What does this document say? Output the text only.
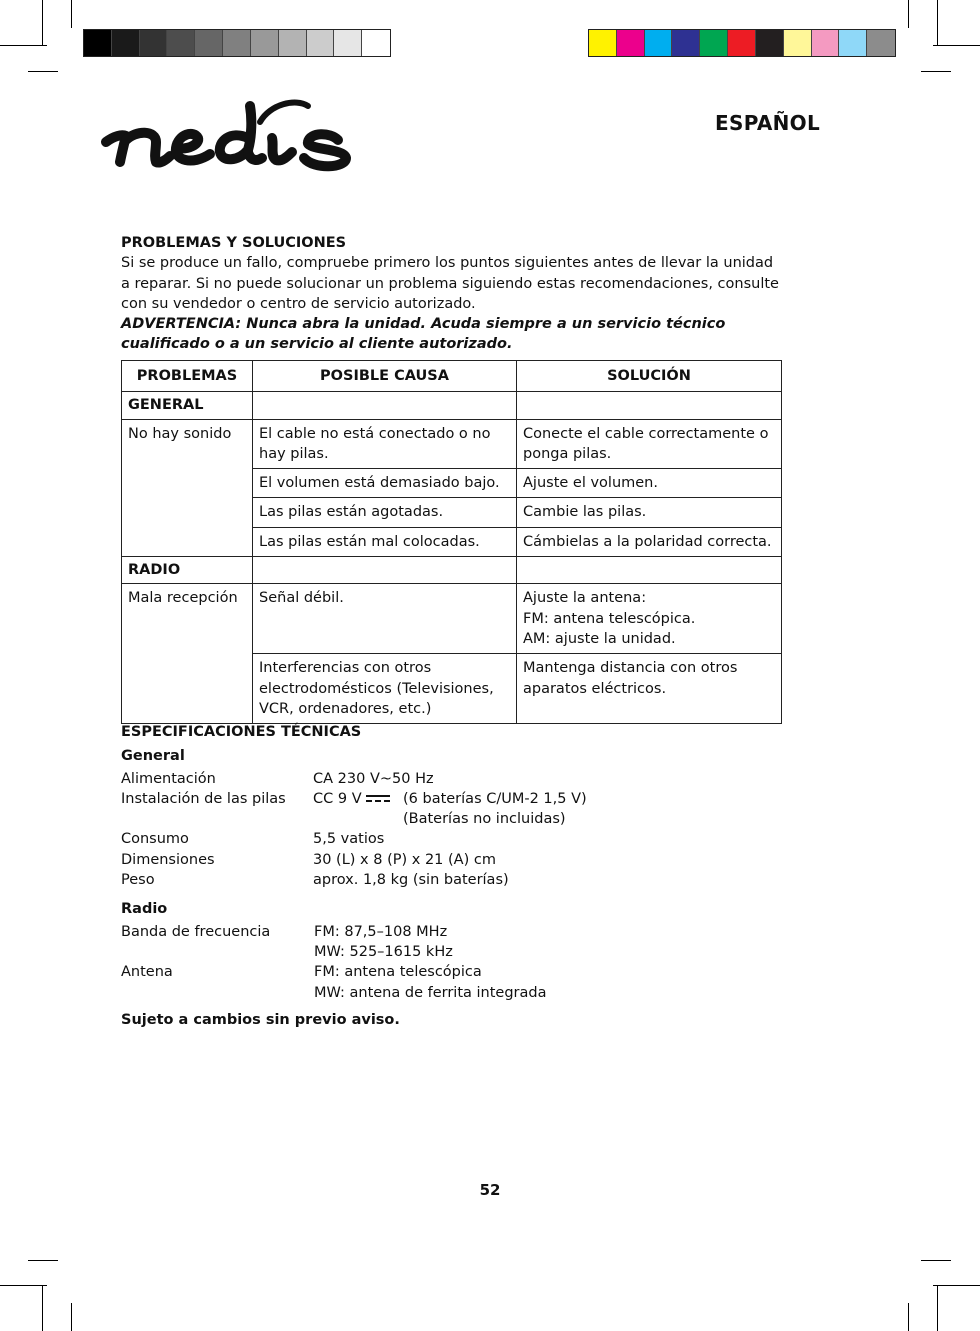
ESPAÑOL
PROBLEMAS Y SOLUCIONES
Si se produce un fallo, compruebe primero los puntos siguientes antes de llevar la unidad a reparar. Si no puede solucionar un problema siguiendo estas recomendaciones, consulte con su vendedor o centro de servicio autorizado.
ADVERTENCIA: Nunca abra la unidad. Acuda siempre a un servicio técnico cualificado o a un servicio al cliente autorizado.
PROBLEMAS	POSIBLE CAUSA	SOLUCIÓN
GENERAL		
No hay sonido	El cable no está conectado o no hay pilas.	Conecte el cable correctamente o ponga pilas.
	El volumen está demasiado bajo.	Ajuste el volumen.
	Las pilas están agotadas.	Cambie las pilas.
	Las pilas están mal colocadas.	Cámbielas a la polaridad correcta.
RADIO		
Mala recepción	Señal débil.	Ajuste la antena:
FM: antena telescópica.
AM: ajuste la unidad.

	Interferencias con otros electrodomésticos (Televisiones, VCR, ordenadores, etc.)	Mantenga distancia con otros aparatos eléctricos.
ESPECIFICACIONES TÉCNICAS
General
Alimentación	CA 230 V~50 Hz
Instalación de las pilas	CC 9 V	(6 baterías C/UM-2 1,5 V)
(Baterías no incluidas)
Consumo	5,5 vatios
Dimensiones	30 (L) x 8 (P) x 21 (A) cm
Peso	aprox. 1,8 kg (sin baterías)
Radio
Banda de frecuencia	FM: 87,5–108 MHz
MW: 525–1615 kHz
Antena	FM: antena telescópica
MW: antena de ferrita integrada
Sujeto a cambios sin previo aviso.
52
